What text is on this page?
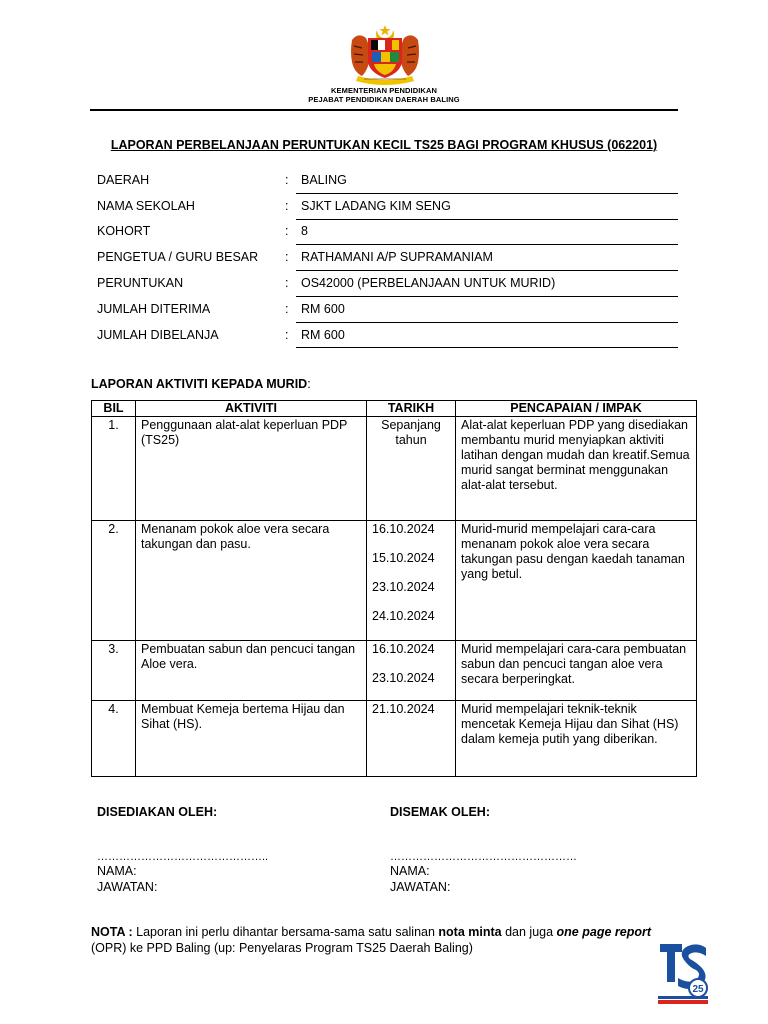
KEMENTERIAN PENDIDIKAN
PEJABAT PENDIDIKAN DAERAH BALING
LAPORAN PERBELANJAAN PERUNTUKAN KECIL TS25 BAGI PROGRAM KHUSUS (062201)
DAERAH	: BALING
NAMA SEKOLAH	: SJKT LADANG KIM SENG
KOHORT	: 8
PENGETUA / GURU BESAR : RATHAMANI A/P SUPRAMANIAM
PERUNTUKAN	: OS42000 (PERBELANJAAN UNTUK MURID)
JUMLAH DITERIMA	: RM 600
JUMLAH DIBELANJA	: RM 600
LAPORAN AKTIVITI KEPADA MURID:
BIL	AKTIVITI	TARIKH	PENCAPAIAN / IMPAK
1.	Penggunaan alat-alat keperluan PDP (TS25)	Sepanjang tahun	Alat-alat keperluan PDP yang disediakan membantu murid menyiapkan aktiviti latihan dengan mudah dan kreatif.Semua murid sangat berminat menggunakan alat-alat tersebut.
2.	Menanam pokok aloe vera secara takungan dan pasu.	16.10.2024
15.10.2024
23.10.2024
24.10.2024	Murid-murid mempelajari cara-cara menanam pokok aloe vera secara takungan pasu dengan kaedah tanaman yang betul.
3.	Pembuatan sabun dan pencuci tangan Aloe vera.	16.10.2024
23.10.2024	Murid mempelajari cara-cara pembuatan sabun dan pencuci tangan aloe vera secara berperingkat.
4.	Membuat Kemeja bertema Hijau dan Sihat (HS).	21.10.2024	Murid mempelajari teknik-teknik mencetak Kemeja Hijau dan Sihat (HS) dalam kemeja putih yang diberikan.
DISEDIAKAN OLEH:	DISEMAK OLEH:
………………………………………..	……………………………………………
NAMA:
JAWATAN:
NAMA:
JAWATAN:
NOTA : Laporan ini perlu dihantar bersama-sama satu salinan nota minta dan juga one page report
(OPR) ke PPD Baling (up: Penyelaras Program TS25 Daerah Baling)
25
